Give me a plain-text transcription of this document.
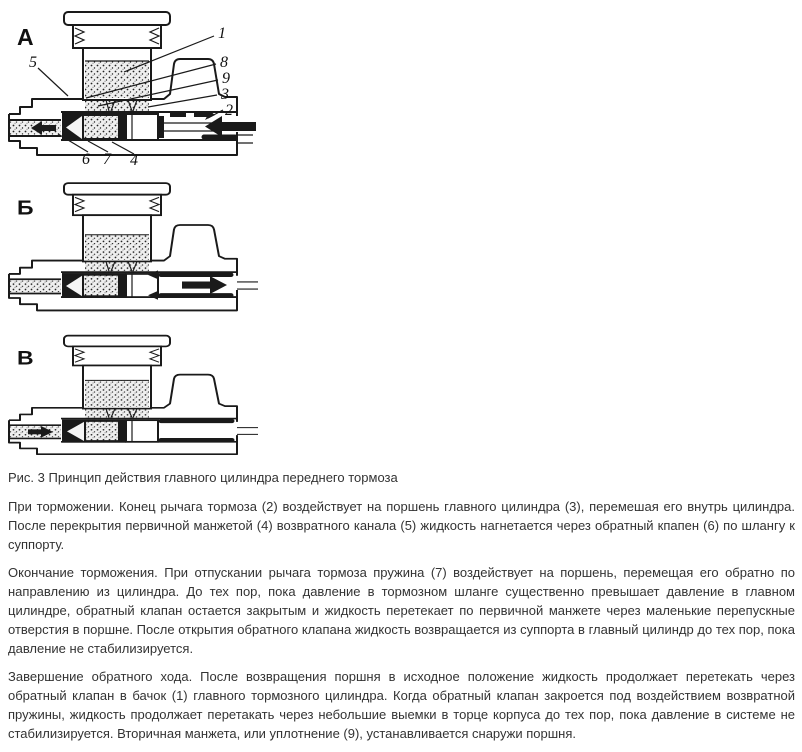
А	1
8
9
3
2
5
6 7 4
Б
В

Рис. 3 Принцип действия главного цилиндра переднего тормоза

При торможении. Конец рычага тормоза (2) воздействует на поршень главного цилиндра (3), перемешая его внутрь цилиндра. После перекрытия первичной манжетой (4) возвратного канала (5) жидкость нагнетается через обратный кпапен (6) по шлангу к суппорту.

Окончание торможения. При отпускании рычага тормоза пружина (7) воздействует на поршень, перемещая его обратно по направлению из цилиндра. До тех пор, пока давление в тормозном шланге существенно превышает давление в главном цилиндре, обратный клапан остается закрытым и жидкость перетекает по первичной манжете через маленькие перепускные отверстия в поршне. После открытия обратного клапана жидкость возвращается из суппорта в главный цилиндр до тех пор, пока давление не стабилизируется.

Завершение обратного хода. После возвращения поршня в исходное положение жидкость продолжает перетекать через обратный клапан в бачок (1) главного тормозного цилиндра. Когда обратный клапан закроется под воздействием возвратной пружины, жидкость продолжает перетакать через небольшие выемки в торце корпуса до тех пор, пока давление в системе не стабилизируется. Вторичная манжета, или уплотнение (9), устанавливается снаружи поршня.
